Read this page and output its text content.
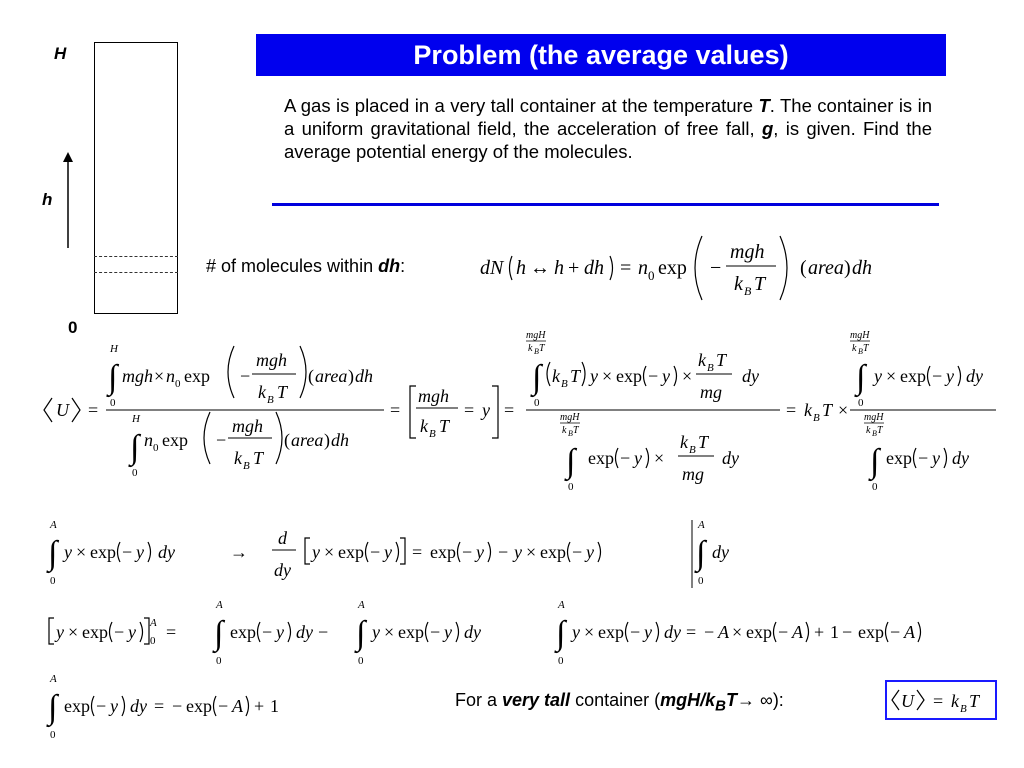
Problem (the average values)
A gas is placed in a very tall container at the temperature T. The container is in a uniform gravitational field, the acceleration of free fall, g, is given. Find the average potential energy of the molecules.
H
h
0
# of molecules within dh:	dN h ↔ h + dh = n 0 exp −
mgh
k B T
( area ) dh
U =
H
∫
0
mgh × n 0 exp −
mgh
k B T
( area ) dh
H
∫
0
n 0 exp −
mgh
k B T
( area ) dh
=
mgh
k B T
= y =
mgH
k B T
∫
0
k B T y × exp − y ×
k B T
mg
dy
mgH
k B T
∫
0
exp − y ×
k B T
mg
dy
= k B T ×
mgH
k B T
∫
0
y × exp − y dy
mgH
k B T
∫
0
exp − y dy
A
∫
0
y × exp − y dy	→
d
dy
y × exp − y = exp − y − y × exp − y
A
∫
0
dy
y × exp − y A
0 =
A
∫
0
exp − y dy −
A
∫
0
y × exp − y dy
A
∫
0
y × exp − y dy = − A × exp − A + 1 − exp − A
A
∫
0
exp − y dy = − exp − A + 1	For a very tall container ($mgH/k_BT\to$ ∞):	U = k B T
